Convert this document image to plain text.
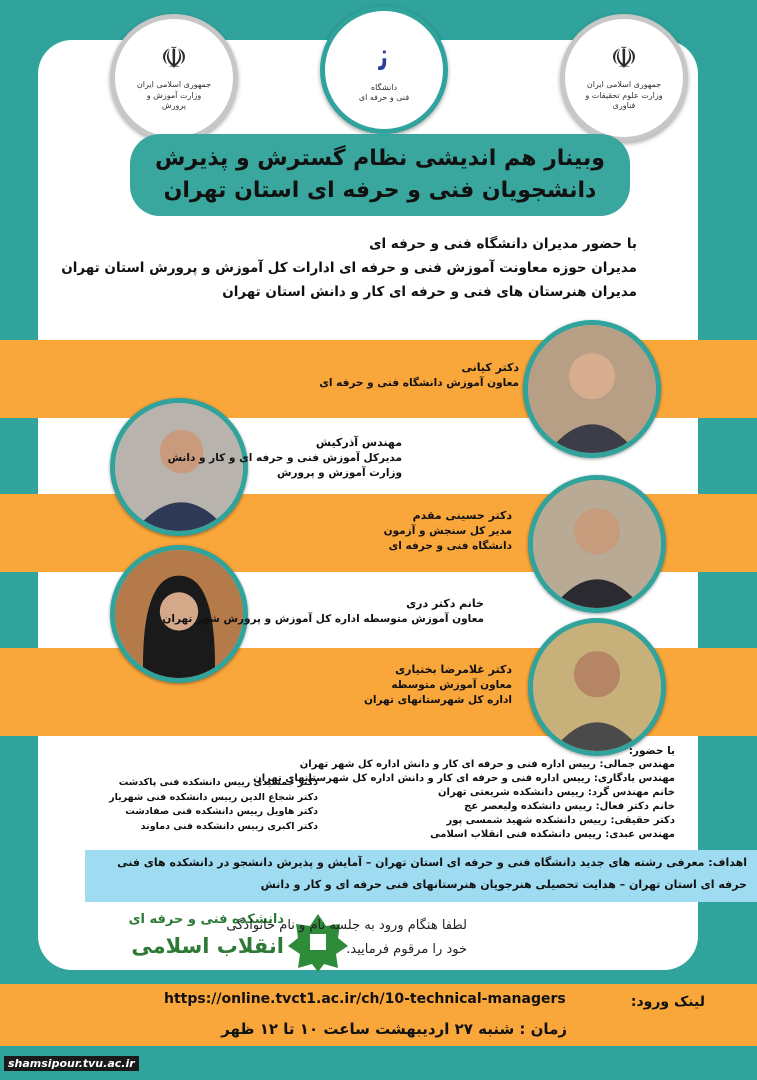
☫
جمهوری اسلامی ایران
وزارت آموزش و پرورش
ﻧ
دانشگاه
فنی و حرفه ای
☫
جمهوری اسلامی ایران
وزارت علوم تحقیقات و فناوری
وبینار هم اندیشی نظام گسترش و پذیرش
دانشجویان فنی و حرفه ای استان تهران
با حضور مدیران دانشگاه فنی و حرفه ای
مدیران حوزه معاونت آموزش فنی و حرفه ای ادارات کل آموزش و پرورش استان تهران
مدیران هنرستان های فنی و حرفه ای کار و دانش استان تهران
دکتر کیانی
معاون آموزش دانشگاه فنی و حرفه ای
مهندس آذرکیش
مدیرکل آموزش فنی و حرفه ای و کار و دانش
وزارت آموزش و پرورش
دکتر حسینی مقدم
مدیر کل سنجش و آزمون
دانشگاه فنی و حرفه ای
خانم دکتر دری
معاون آموزش متوسطه اداره کل آموزش و پرورش شهر تهران
دکتر غلامرضا بختیاری
معاون آموزش متوسطه
اداره کل شهرستانهای تهران
با حضور:
مهندس جمالی: رییس اداره فنی و حرفه ای کار و دانش اداره کل شهر تهران
مهندس یادگاری: رییس اداره فنی و حرفه ای کار و دانش اداره کل شهرستانهای تهران
خانم مهندس گرد: رییس دانشکده شریعتی تهران
خانم دکتر فعال: رییس دانشکده ولیعصر عج
دکتر حقیقی: رییس دانشکده شهید شمسی پور
مهندس عبدی: رییس دانشکده فنی انقلاب اسلامی
دکتر جمشیدی رییس دانشکده فنی پاکدشت
دکتر شجاع الدین رییس دانشکده فنی شهریار
دکتر هاویل رییس دانشکده فنی صفادشت
دکتر اکبری رییس دانشکده فنی دماوند
اهداف: معرفی رشته های جدید دانشگاه فنی و حرفه ای استان تهران – آمایش و پذیرش دانشجو در دانشکده های فنی
حرفه ای استان تهران – هدایت تحصیلی هنرجویان هنرستانهای فنی حرفه ای و کار و دانش
دانشکده فنی و حرفه ای
انقلاب اسلامی
لطفا هنگام ورود به جلسه نام و نام خانوادگی
خود را مرقوم فرمایید.
لینک ورود:
https://online.tvct1.ac.ir/ch/10-technical-managers
زمان : شنبه ۲۷ اردیبهشت ساعت ۱۰ تا ۱۲ ظهر
shamsipour.tvu.ac.ir
